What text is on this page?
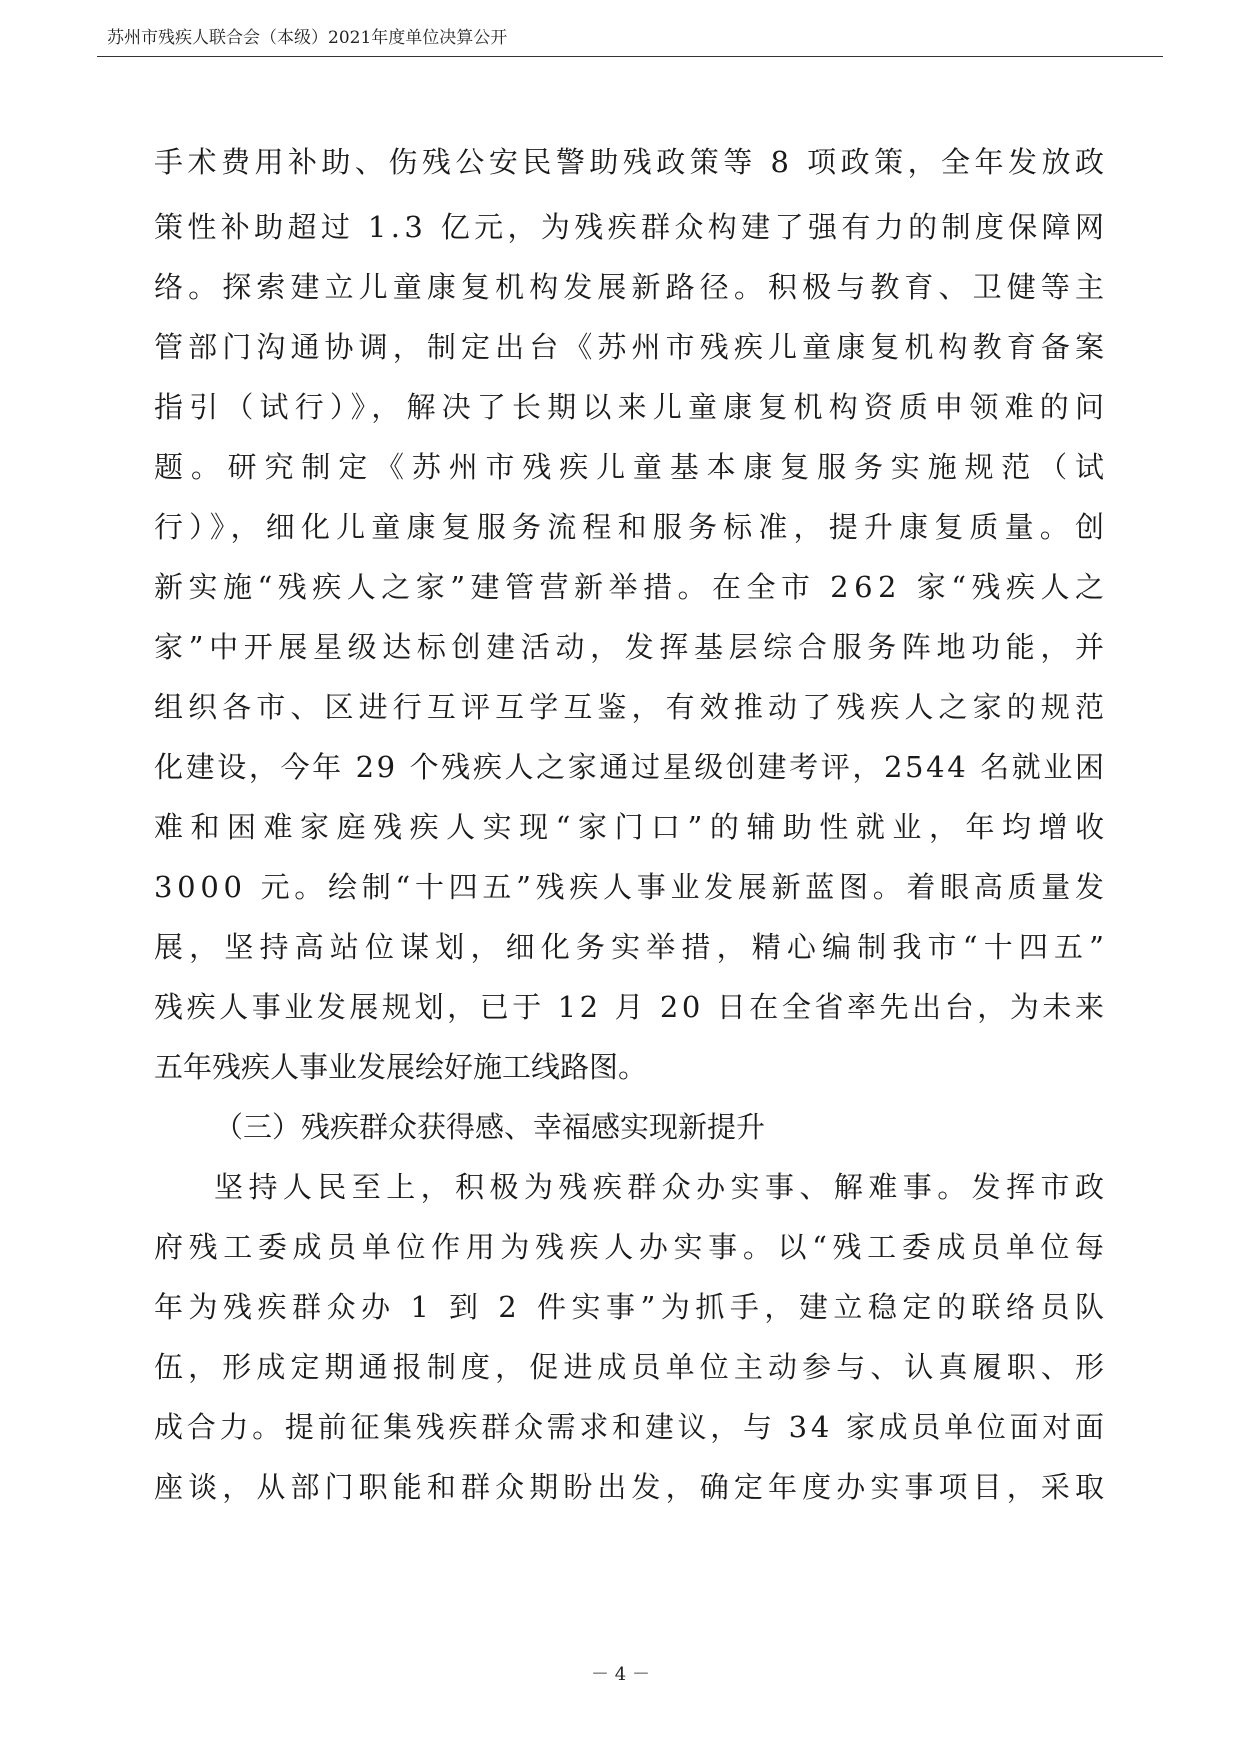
苏州市残疾人联合会（本级）2021年度单位决算公开
手术费用补助、伤残公安民警助残政策等 8 项政策，全年发放政
策性补助超过 1.3 亿元，为残疾群众构建了强有力的制度保障网
络。探索建立儿童康复机构发展新路径。积极与教育、卫健等主
管部门沟通协调，制定出台《苏州市残疾儿童康复机构教育备案
指引（试行）》，解决了长期以来儿童康复机构资质申领难的问
题。研究制定《苏州市残疾儿童基本康复服务实施规范（试
行）》，细化儿童康复服务流程和服务标准，提升康复质量。创
新实施“残疾人之家”建管营新举措。在全市 262 家“残疾人之
家”中开展星级达标创建活动，发挥基层综合服务阵地功能，并
组织各市、区进行互评互学互鉴，有效推动了残疾人之家的规范
化建设，今年 29 个残疾人之家通过星级创建考评，2544 名就业困
难和困难家庭残疾人实现“家门口”的辅助性就业，年均增收
3000 元。绘制“十四五”残疾人事业发展新蓝图。着眼高质量发
展，坚持高站位谋划，细化务实举措，精心编制我市“十四五”
残疾人事业发展规划，已于 12 月 20 日在全省率先出台，为未来
五年残疾人事业发展绘好施工线路图。
（三）残疾群众获得感、幸福感实现新提升
坚持人民至上，积极为残疾群众办实事、解难事。发挥市政
府残工委成员单位作用为残疾人办实事。以“残工委成员单位每
年为残疾群众办 1 到 2 件实事”为抓手，建立稳定的联络员队
伍，形成定期通报制度，促进成员单位主动参与、认真履职、形
成合力。提前征集残疾群众需求和建议，与 34 家成员单位面对面
座谈，从部门职能和群众期盼出发，确定年度办实事项目，采取
－ 4 －
